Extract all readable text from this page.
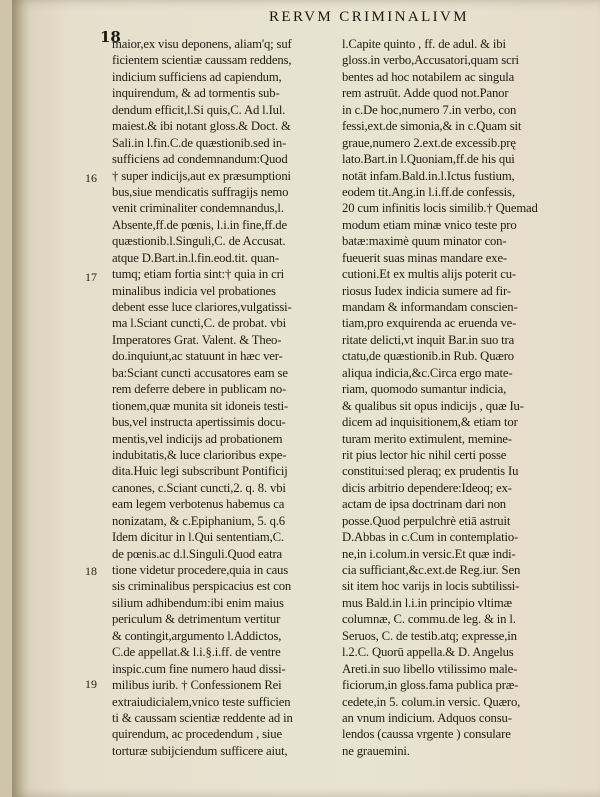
RERVM CRIMINALIVM
18
16
17
18
19
maior,ex visu deponens, aliam'q; suf
ficientem scientiæ caussam reddens,
indicium sufficiens ad capiendum,
inquirendum, & ad tormentis sub-
dendum efficit,l.Si quis,C. Ad l.Iul.
maiest.& ibi notant gloss.& Doct. &
Sali.in l.fin.C.de quæstionib.sed in-
sufficiens ad condemnandum:Quod
† super indicijs,aut ex præsumptioni
bus,siue mendicatis suffragijs nemo
venit criminaliter condemnandus,l.
Absente,ff.de pœnis, l.i.in fine,ff.de
quæstionib.l.Singuli,C. de Accusat.
atque D.Bart.in.l.fin.eod.tit. quan-
tumq; etiam fortia sint:† quia in cri
minalibus indicia vel probationes
debent esse luce clariores,vulgatissi-
ma l.Sciant cuncti,C. de probat. vbi
Imperatores Grat. Valent. & Theo-
do.inquiunt,ac statuunt in hæc ver-
ba:Sciant cuncti accusatores eam se
rem deferre debere in publicam no-
tionem,quæ munita sit idoneis testi-
bus,vel instructa apertissimis docu-
mentis,vel indicijs ad probationem
indubitatis,& luce clarioribus expe-
dita.Huic legi subscribunt Pontificij
canones, c.Sciant cuncti,2. q. 8. vbi
eam legem verbotenus habemus ca
nonizatam, & c.Epiphanium, 5. q.6
Idem dicitur in l.Qui sententiam,C.
de pœnis.ac d.l.Singuli.Quod eatra
tione videtur procedere,quia in caus
sis criminalibus perspicacius est con
silium adhibendum:ibi enim maius
periculum & detrimentum vertitur
& contingit,argumento l.Addictos,
C.de appellat.& l.i.§.i.ff. de ventre
inspic.cum fine numero haud dissi-
milibus iurib. † Confessionem Rei
extraiudicialem,vnico teste sufficien
ti & caussam scientiæ reddente ad in
quirendum, ac procedendum , siue
torturæ subijciendum sufficere aiut,
l.Capite quinto , ff. de adul. & ibi
gloss.in verbo,Accusatori,quam scri
bentes ad hoc notabilem ac singula
rem astruūt. Adde quod not.Panor
in c.De hoc,numero 7.in verbo, con
fessi,ext.de simonia,& in c.Quam sit
graue,numero 2.ext.de excessib.prę
lato.Bart.in l.Quoniam,ff.de his qui
notāt infam.Bald.in.l.Ictus fustium,
eodem tit.Ang.in l.i.ff.de confessis,
20 cum infinitis locis similib.† Quemad
modum etiam minæ vnico teste pro
batæ:maximè quum minator con-
fueuerit suas minas mandare exe-
cutioni.Et ex multis alijs poterit cu-
riosus Iudex indicia sumere ad fir-
mandam & informandam conscien-
tiam,pro exquirenda ac eruenda ve-
ritate delicti,vt inquit Bar.in suo tra
ctatu,de quæstionib.in Rub. Quæro
aliqua indicia,&c.Circa ergo mate-
riam, quomodo sumantur indicia,
& qualibus sit opus indicijs , quæ Iu-
dicem ad inquisitionem,& etiam tor
turam merito extimulent, memine-
rit pius lector hic nihil certi posse
constitui:sed pleraq; ex prudentis Iu
dicis arbitrio dependere:Ideoq; ex-
actam de ipsa doctrinam dari non
posse.Quod perpulchrè etiā astruit
D.Abbas in c.Cum in contemplatio-
ne,in i.colum.in versic.Et quæ indi-
cia sufficiant,&c.ext.de Reg.iur. Sen
sit item hoc varijs in locis subtilissi-
mus Bald.in l.i.in principio vltimæ
columnæ, C. commu.de leg. & in l.
Seruos, C. de testib.atq; expresse,in
l.2.C. Quorū appella.& D. Angelus
Areti.in suo libello vtilissimo male-
ficiorum,in gloss.fama publica præ-
cedete,in 5. colum.in versic. Quæro,
an vnum indicium. Adquos consu-
lendos (caussa vrgente ) consulare
ne grauemini.
